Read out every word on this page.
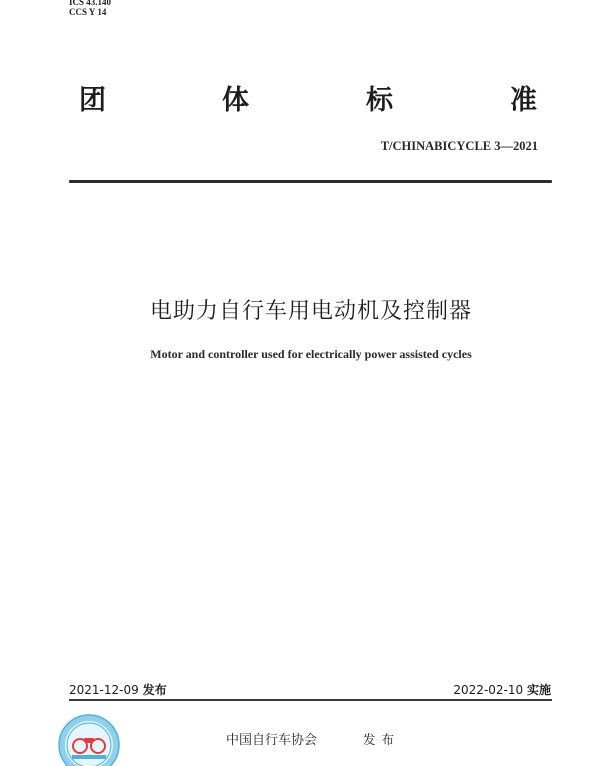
ICS 43.140
CCS Y 14
团	体	标	准
T/CHINABICYCLE 3—2021
电助力自行车用电动机及控制器
Motor and controller used for electrically power assisted cycles
2021-12-09 发布	2022-02-10 实施
中国自行车协会	发布
